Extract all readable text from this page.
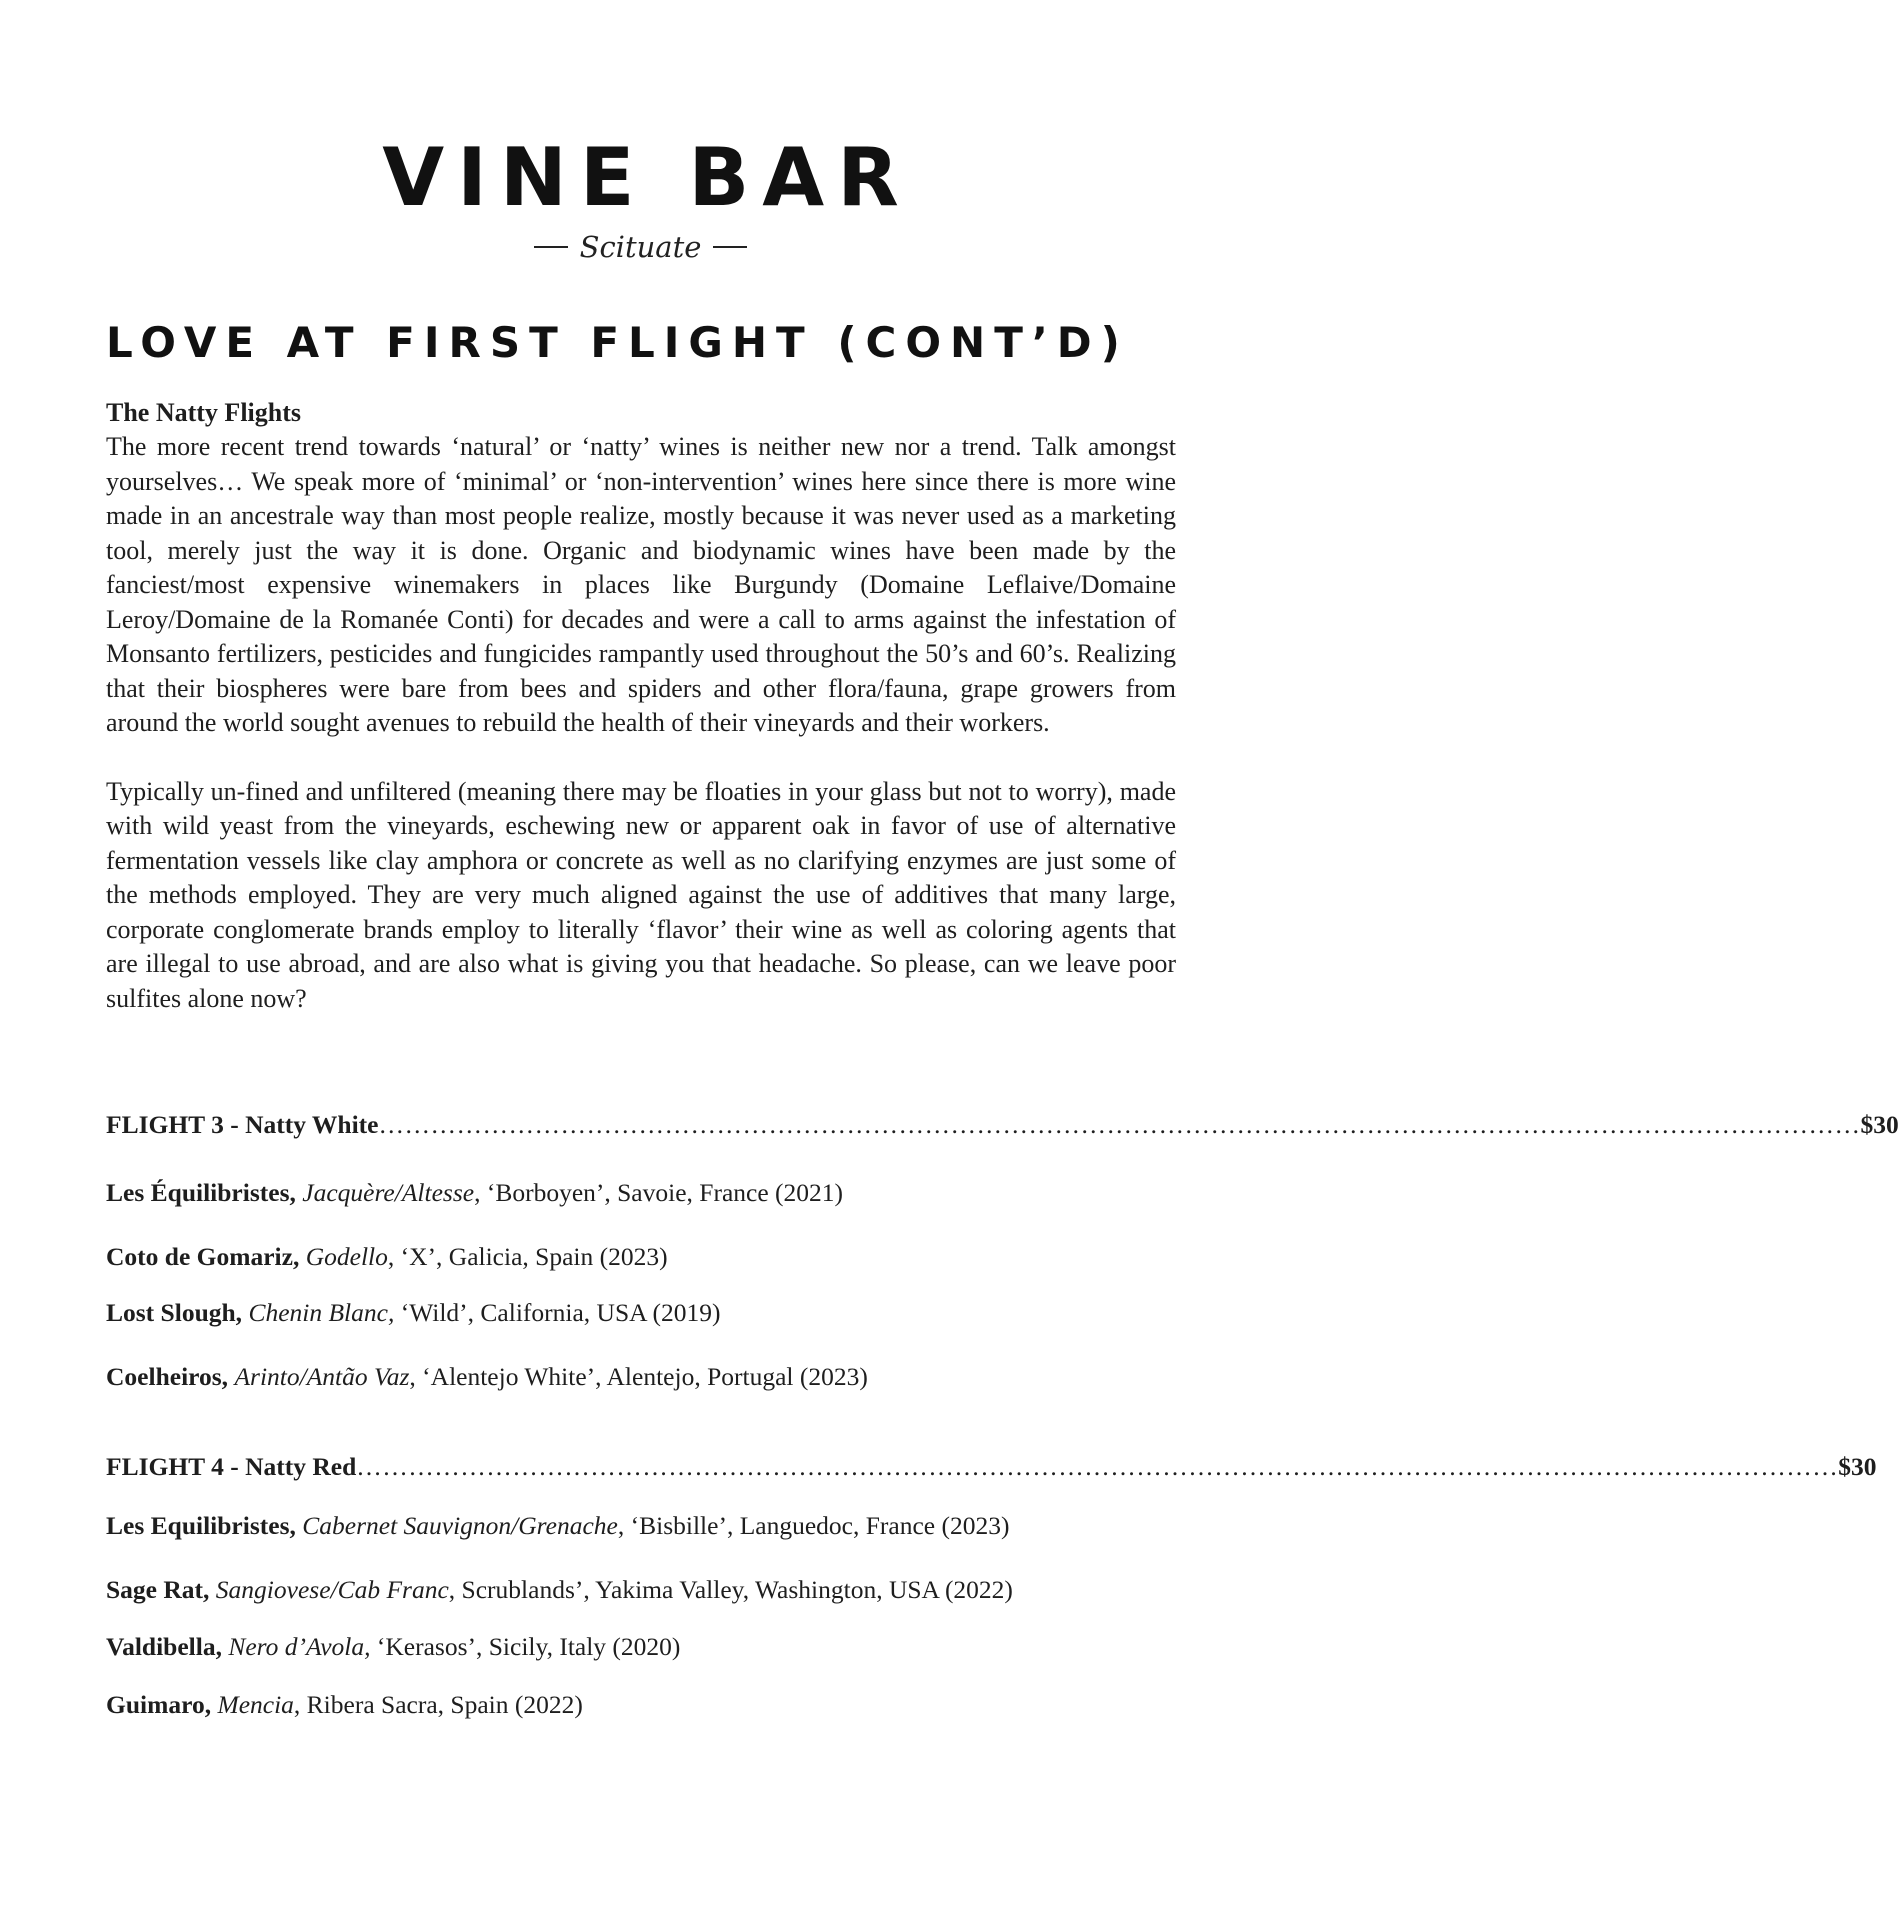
VINE BAR
Scituate
LOVE AT FIRST FLIGHT (CONT’D)
The Natty Flights

The more recent trend towards ‘natural’ or ‘natty’ wines is neither new nor a trend. Talk amongst yourselves… We speak more of ‘minimal’ or ‘non-intervention’ wines here since there is more wine made in an ancestrale way than most people realize, mostly because it was never used as a marketing tool, merely just the way it is done. Organic and biodynamic wines have been made by the fanciest/most expensive winemakers in places like Burgundy (Domaine Leflaive/Domaine Leroy/Domaine de la Romanée Conti) for decades and were a call to arms against the infestation of Monsanto fertilizers, pesticides and fungicides rampantly used throughout the 50’s and 60’s. Realizing that their biospheres were bare from bees and spiders and other flora/fauna, grape growers from around the world sought avenues to rebuild the health of their vineyards and their workers.

Typically un-fined and unfiltered (meaning there may be floaties in your glass but not to worry), made with wild yeast from the vineyards, eschewing new or apparent oak in favor of use of alternative fermentation vessels like clay amphora or concrete as well as no clarifying enzymes are just some of the methods employed. They are very much aligned against the use of additives that many large, corporate conglomerate brands employ to literally ‘flavor’ their wine as well as coloring agents that are illegal to use abroad, and are also what is giving you that headache. So please, can we leave poor sulfites alone now?

FLIGHT 3 - Natty White ……………………………………………………………………………………………………………………………………………………… $30
Les Équilibristes, Jacquère/Altesse, ‘Borboyen’, Savoie, France (2021)
Coto de Gomariz, Godello, ‘X’, Galicia, Spain (2023)
Lost Slough, Chenin Blanc, ‘Wild’, California, USA (2019)
Coelheiros, Arinto/Antão Vaz, ‘Alentejo White’, Alentejo, Portugal (2023)
FLIGHT 4 - Natty Red ……………………………………………………………………………………………………………………………………………………… $30
Les Equilibristes, Cabernet Sauvignon/Grenache, ‘Bisbille’, Languedoc, France (2023)
Sage Rat, Sangiovese/Cab Franc, Scrublands’, Yakima Valley, Washington, USA (2022)
Valdibella, Nero d’Avola, ‘Kerasos’, Sicily, Italy (2020)
Guimaro, Mencia, Ribera Sacra, Spain (2022)
